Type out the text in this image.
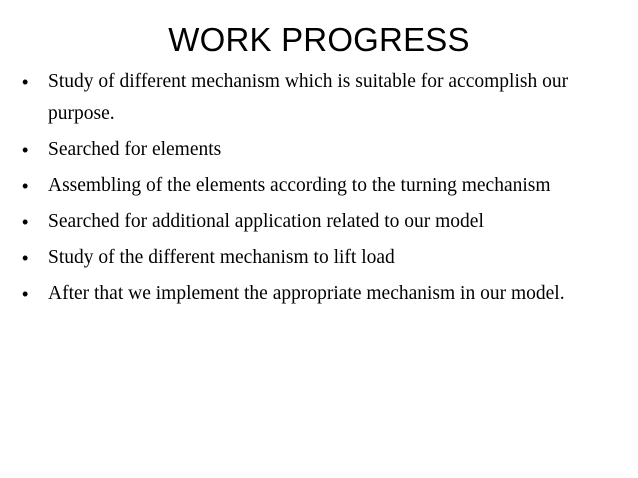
WORK PROGRESS
• Study of different mechanism which is suitable for accomplish our purpose.
• Searched for elements
• Assembling of the elements according to the turning mechanism
• Searched for additional application related to our model
• Study of the different mechanism to lift load
• After that we implement the appropriate mechanism in our model.
